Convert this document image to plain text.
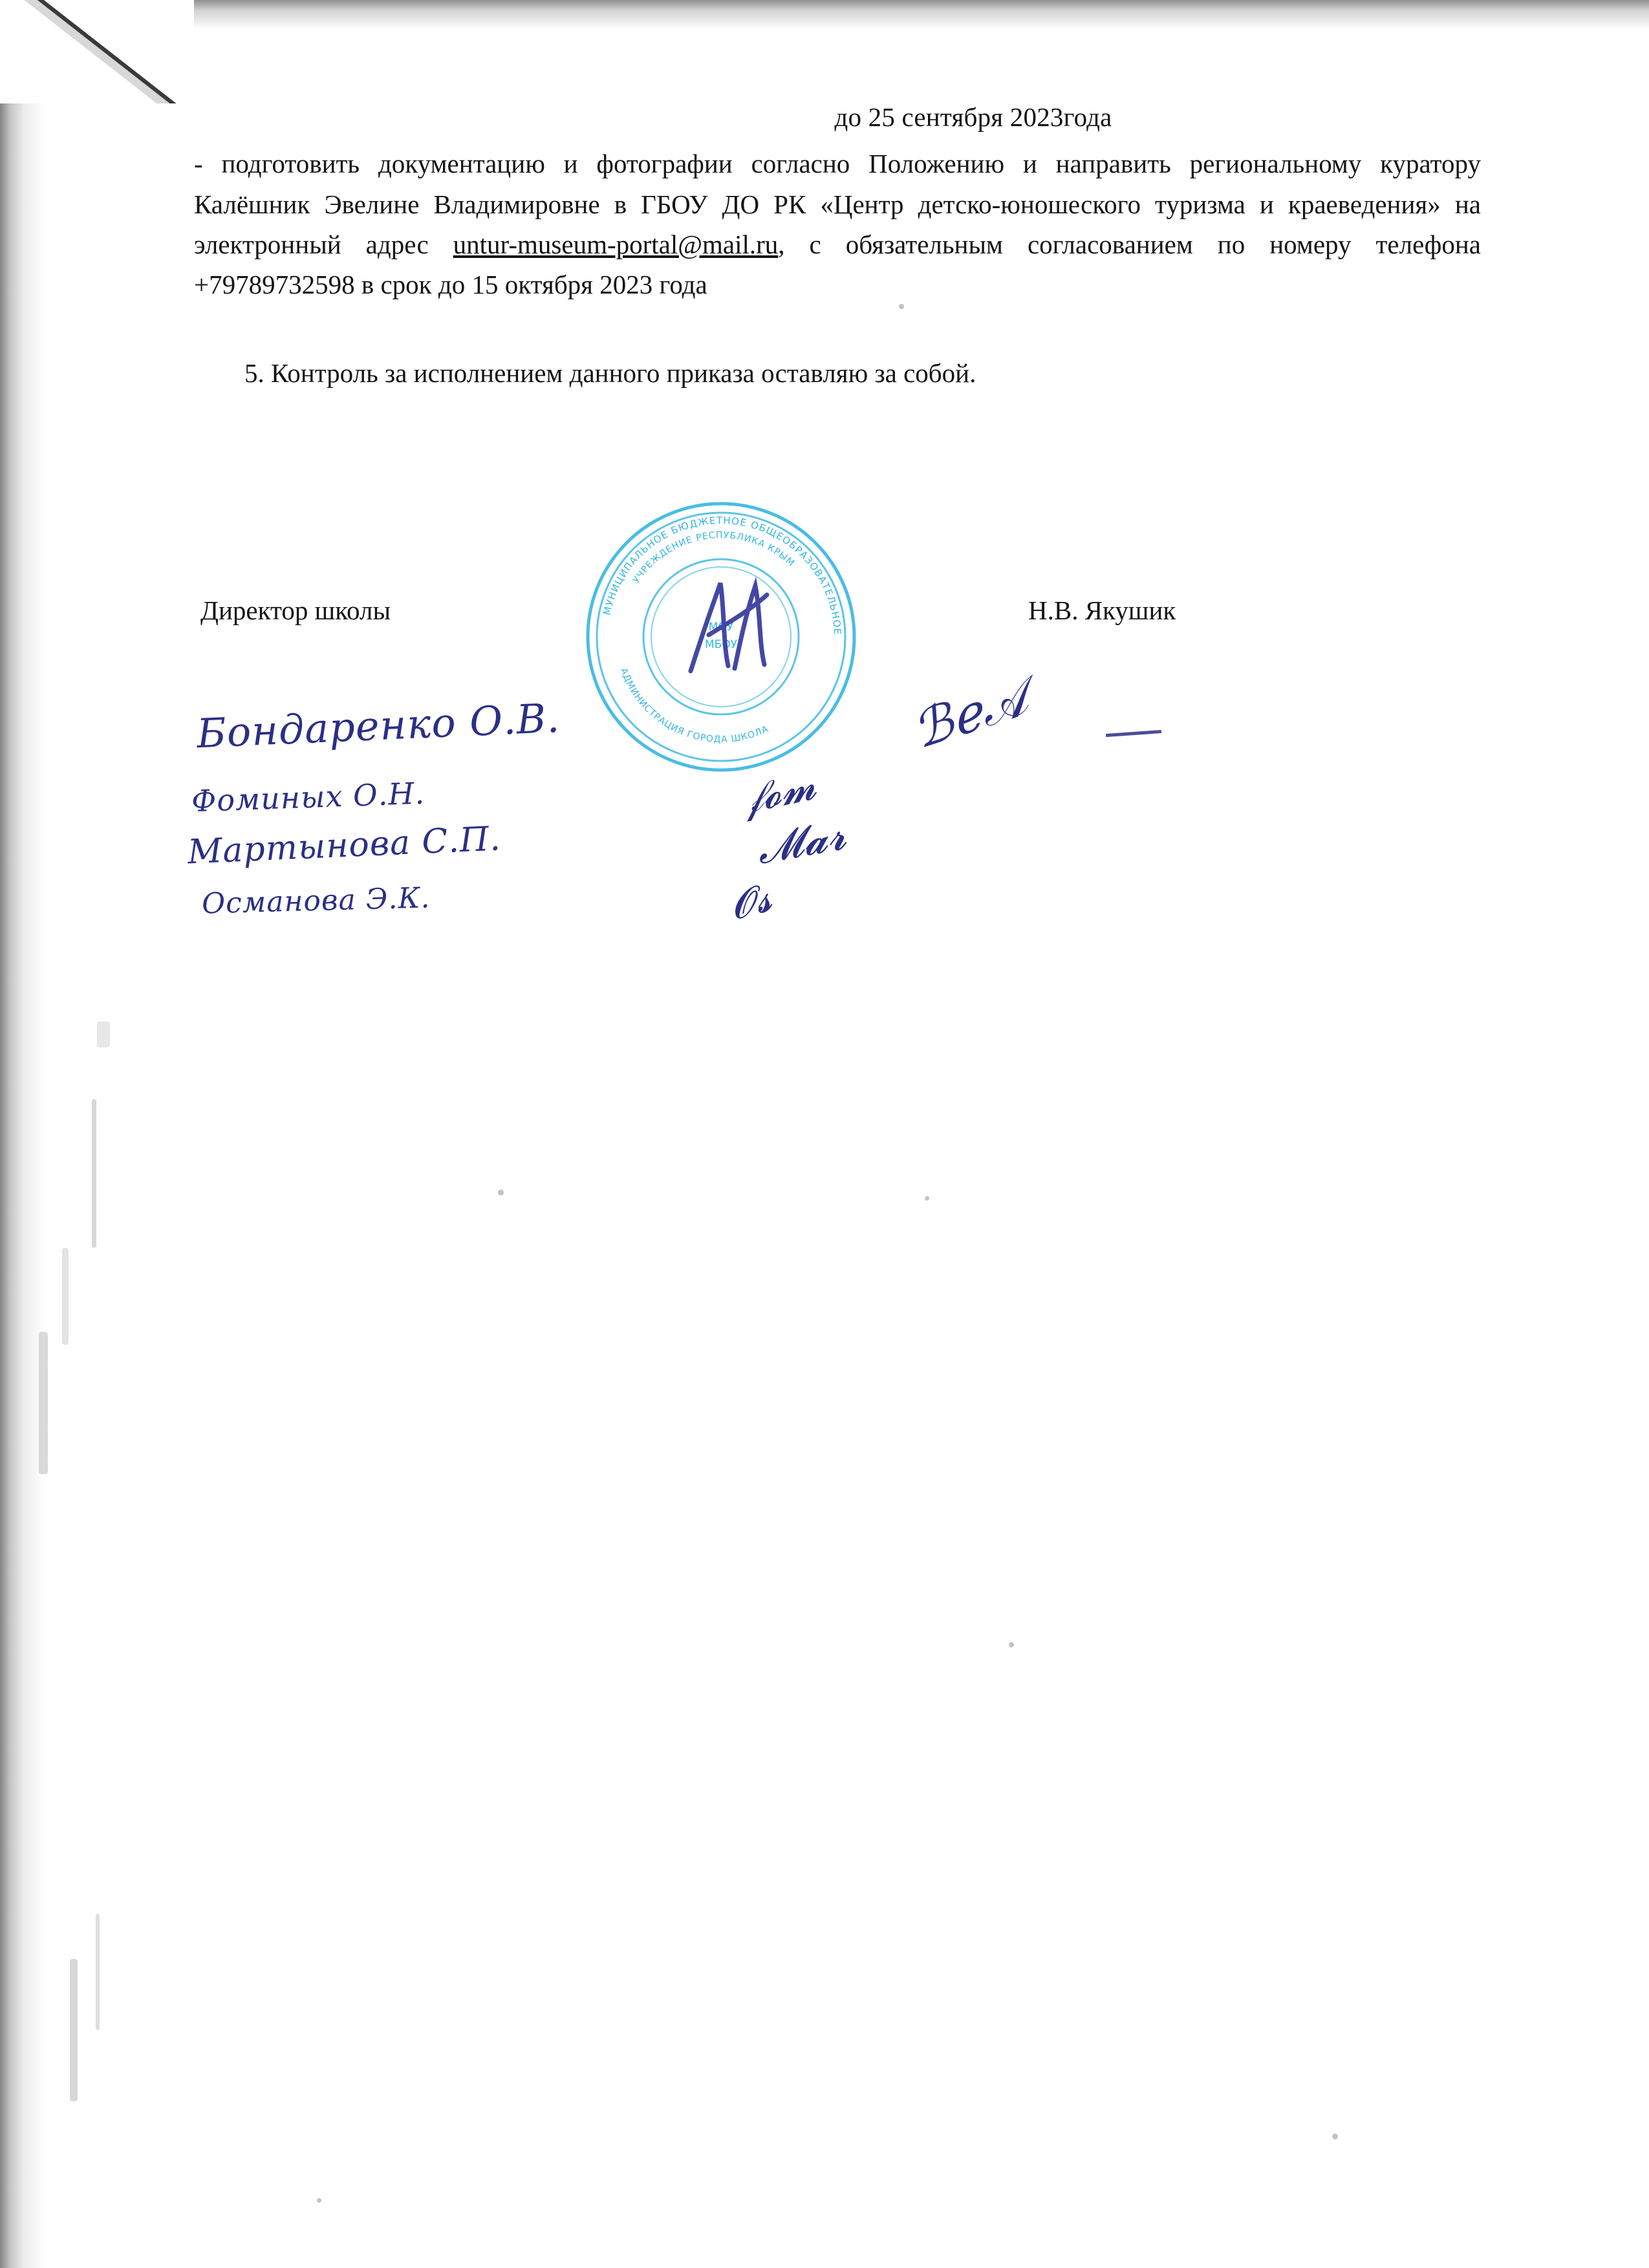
до 25 сентября 2023года

- подготовить документацию и фотографии согласно Положению и направить региональному куратору Калёшник Эвелине Владимировне в ГБОУ ДО РК «Центр детско-юношеского туризма и краеведения» на электронный адрес untur-museum-portal@mail.ru, с обязательным согласованием по номеру телефона +79789732598 в срок до 15 октября 2023 года

5. Контроль за исполнением данного приказа оставляю за собой.

Директор школы	Н.В. Якушик
МУНИЦИПАЛЬНОЕ БЮДЖЕТНОЕ ОБЩЕОБРАЗОВАТЕЛЬНОЕ
УЧРЕЖДЕНИЕ РЕСПУБЛИКА КРЫМ
АДМИНИСТРАЦИЯ ГОРОДА ШКОЛА
МОУ
МБОУ
Бондаренко О.В.
Фоминых О.Н.
Мартынова С.П.
Османова Э.К.
ℬℯ𝒜
𝒻𝓸𝓶
𝓜𝓪𝓻
𝓞𝓼
